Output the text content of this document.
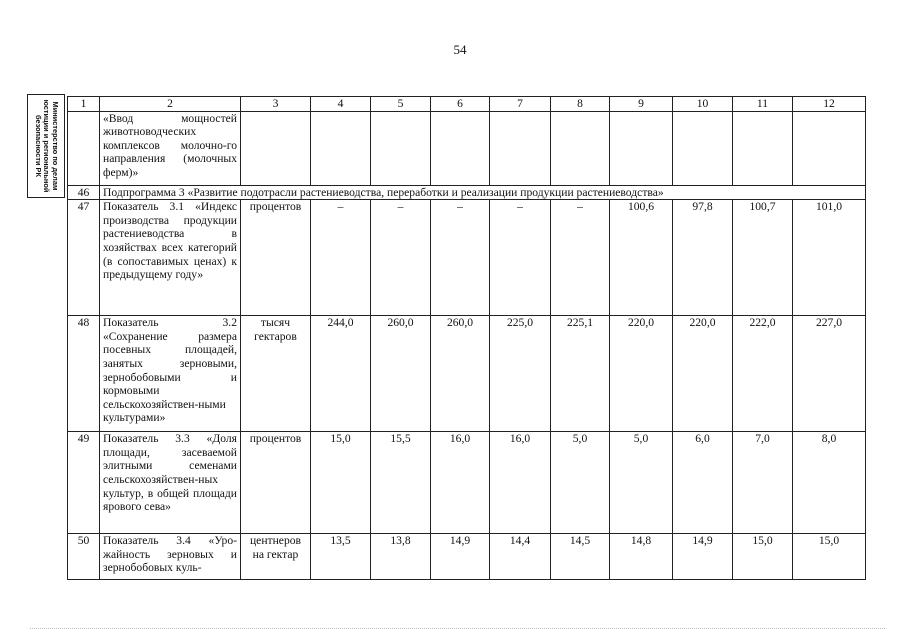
54
Министерство по делам юстиции и региональной безопасности РК
1	2	3	4	5	6	7	8	9	10	11	12
	«Ввод мощностей животноводческих комплексов молочно-го направления (молочных ферм)»										
46	Подпрограмма 3 «Развитие подотрасли растениеводства, переработки и реализации продукции растениеводства»										
47	Показатель 3.1 «Индекс производства продукции растениеводства в хозяйствах всех категорий (в сопоставимых ценах) к предыдущему году»	процентов	–	–	–	–	–	100,6	97,8	100,7	101,0
48	Показатель 3.2 «Сохранение размера посевных площадей, занятых зерновыми, зернобобовыми и кормовыми сельскохозяйствен-ными культурами»	тысяч гектаров	244,0	260,0	260,0	225,0	225,1	220,0	220,0	222,0	227,0
49	Показатель 3.3 «Доля площади, засеваемой элитными семенами сельскохозяйствен-ных культур, в общей площади ярового сева»	процентов	15,0	15,5	16,0	16,0	5,0	5,0	6,0	7,0	8,0
50	Показатель 3.4 «Уро-жайность зерновых и зернобобовых куль-	центнеров на гектар	13,5	13,8	14,9	14,4	14,5	14,8	14,9	15,0	15,0
